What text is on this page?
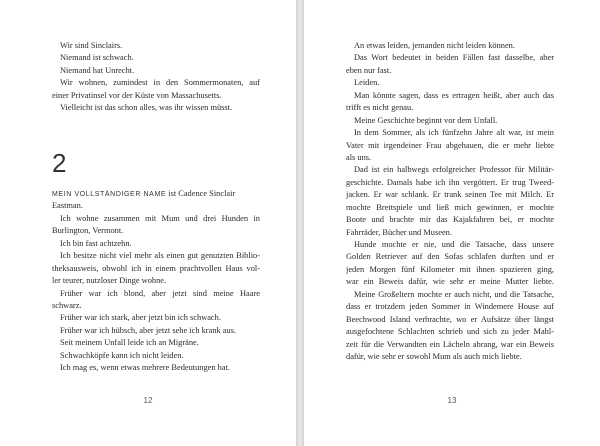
Wir sind Sinclairs.
Niemand ist schwach.
Niemand hat Unrecht.
Wir wohnen, zumindest in den Sommermonaten, auf
einer Privatinsel vor der Küste von Massachusetts.
Vielleicht ist das schon alles, was ihr wissen müsst.
2
MEIN VOLLSTÄNDIGER NAME ist Cadence Sinclair
Eastman.
Ich wohne zusammen mit Mum und drei Hunden in
Burlington, Vermont.
Ich bin fast achtzehn.
Ich besitze nicht viel mehr als einen gut genutzten Biblio-
theksausweis, obwohl ich in einem prachtvollen Haus vol-
ler teurer, nutzloser Dinge wohne.
Früher war ich blond, aber jetzt sind meine Haare
schwarz.
Früher war ich stark, aber jetzt bin ich schwach.
Früher war ich hübsch, aber jetzt sehe ich krank aus.
Seit meinem Unfall leide ich an Migräne.
Schwachköpfe kann ich nicht leiden.
Ich mag es, wenn etwas mehrere Bedeutungen hat.
12
An etwas leiden, jemanden nicht leiden können.
Das Wort bedeutet in beiden Fällen fast dasselbe, aber
eben nur fast.
Leiden.
Man könnte sagen, dass es ertragen heißt, aber auch das
trifft es nicht genau.
Meine Geschichte beginnt vor dem Unfall.
In dem Sommer, als ich fünfzehn Jahre alt war, ist mein
Vater mit irgendeiner Frau abgehauen, die er mehr liebte
als uns.
Dad ist ein halbwegs erfolgreicher Professor für Militär-
geschichte. Damals habe ich ihn vergöttert. Er trug Tweed-
jacken. Er war schlank. Er trank seinen Tee mit Milch. Er
mochte Brettspiele und ließ mich gewinnen, er mochte
Boote und brachte mir das Kajakfahren bei, er mochte
Fahrräder, Bücher und Museen.
Hunde mochte er nie, und die Tatsache, dass unsere
Golden Retriever auf den Sofas schlafen durften und er
jeden Morgen fünf Kilometer mit ihnen spazieren ging,
war ein Beweis dafür, wie sehr er meine Mutter liebte.
Meine Großeltern mochte er auch nicht, und die Tatsache,
dass er trotzdem jeden Sommer in Windemere House auf
Beechwood Island verbrachte, wo er Aufsätze über längst
ausgefochtene Schlachten schrieb und sich zu jeder Mahl-
zeit für die Verwandten ein Lächeln abrang, war ein Beweis
dafür, wie sehr er sowohl Mum als auch mich liebte.
13
